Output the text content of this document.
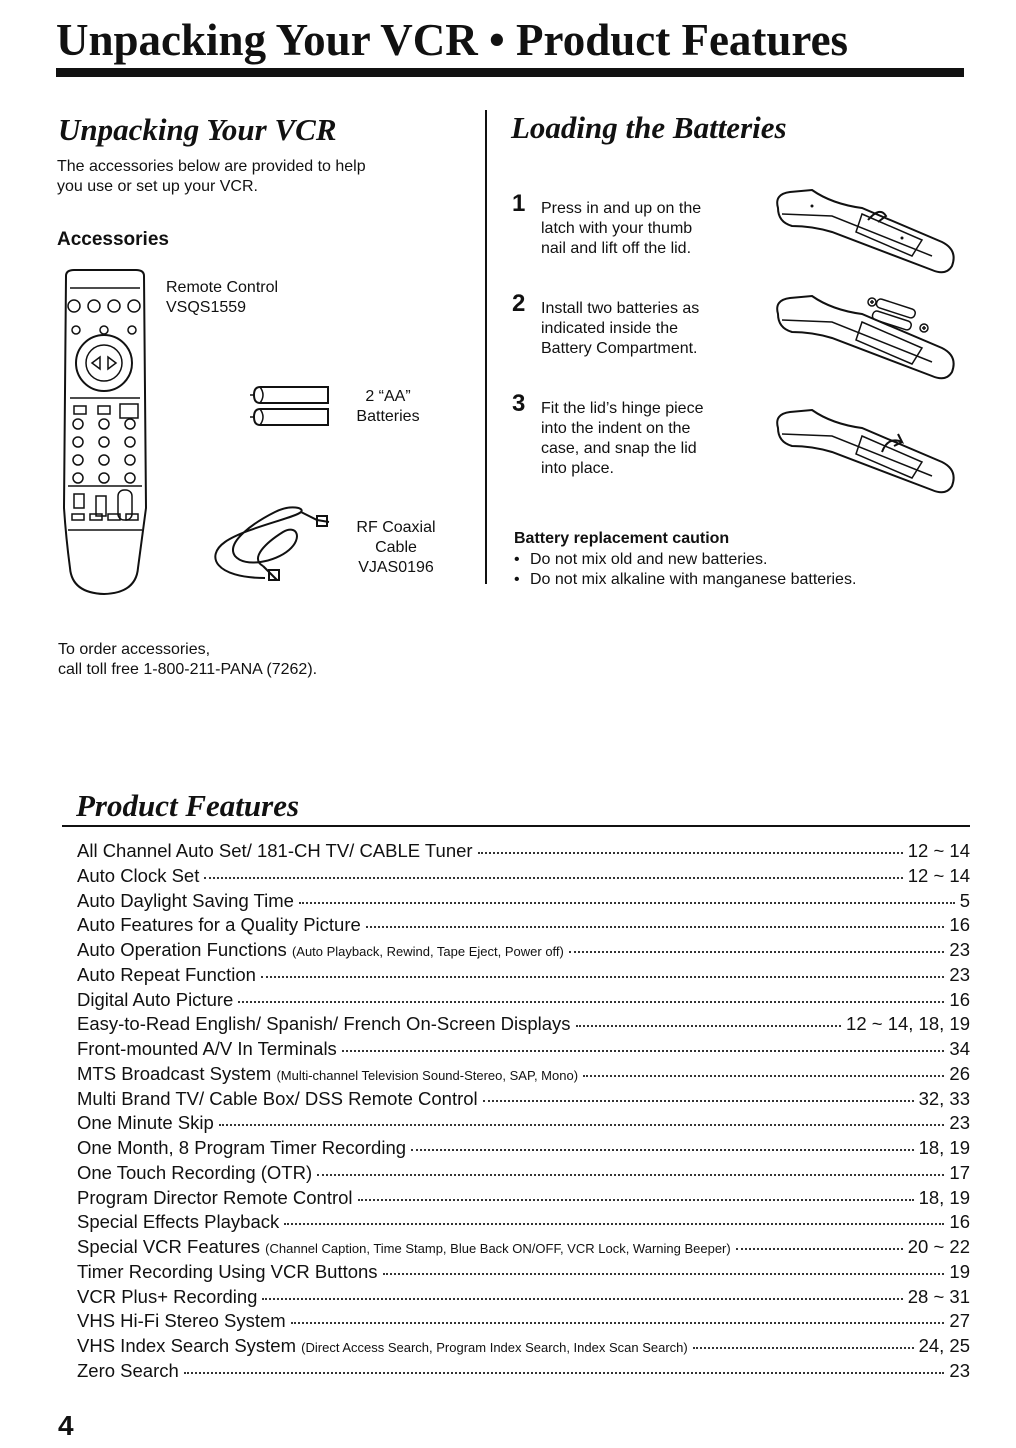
Unpacking Your VCR • Product Features
Unpacking Your VCR
The accessories below are provided to help
you use or set up your VCR.
Accessories
Remote Control
VSQS1559
2 “AA”
Batteries
RF Coaxial
Cable
VJAS0196
To order accessories,
call toll free 1-800-211-PANA (7262).
Loading the Batteries
1 Press in and up on the
latch with your thumb
nail and lift off the lid.
2 Install two batteries as
indicated inside the
Battery Compartment.
3 Fit the lid’s hinge piece
into the indent on the
case, and snap the lid
into place.
Battery replacement caution
• Do not mix old and new batteries.
• Do not mix alkaline with manganese batteries.
Product Features
All Channel Auto Set/ 181-CH TV/ CABLE Tuner	12 ~ 14
Auto Clock Set	12 ~ 14
Auto Daylight Saving Time	5
Auto Features for a Quality Picture	16
Auto Operation Functions (Auto Playback, Rewind, Tape Eject, Power off)	23
Auto Repeat Function	23
Digital Auto Picture	16
Easy-to-Read English/ Spanish/ French On-Screen Displays	12 ~ 14, 18, 19
Front-mounted A/V In Terminals	34
MTS Broadcast System (Multi-channel Television Sound-Stereo, SAP, Mono)	26
Multi Brand TV/ Cable Box/ DSS Remote Control	32, 33
One Minute Skip	23
One Month, 8 Program Timer Recording	18, 19
One Touch Recording (OTR)	17
Program Director Remote Control	18, 19
Special Effects Playback	16
Special VCR Features (Channel Caption, Time Stamp, Blue Back ON/OFF, VCR Lock, Warning Beeper)	20 ~ 22
Timer Recording Using VCR Buttons	19
VCR Plus+ Recording	28 ~ 31
VHS Hi-Fi Stereo System	27
VHS Index Search System (Direct Access Search, Program Index Search, Index Scan Search)	24, 25
Zero Search	23
4
